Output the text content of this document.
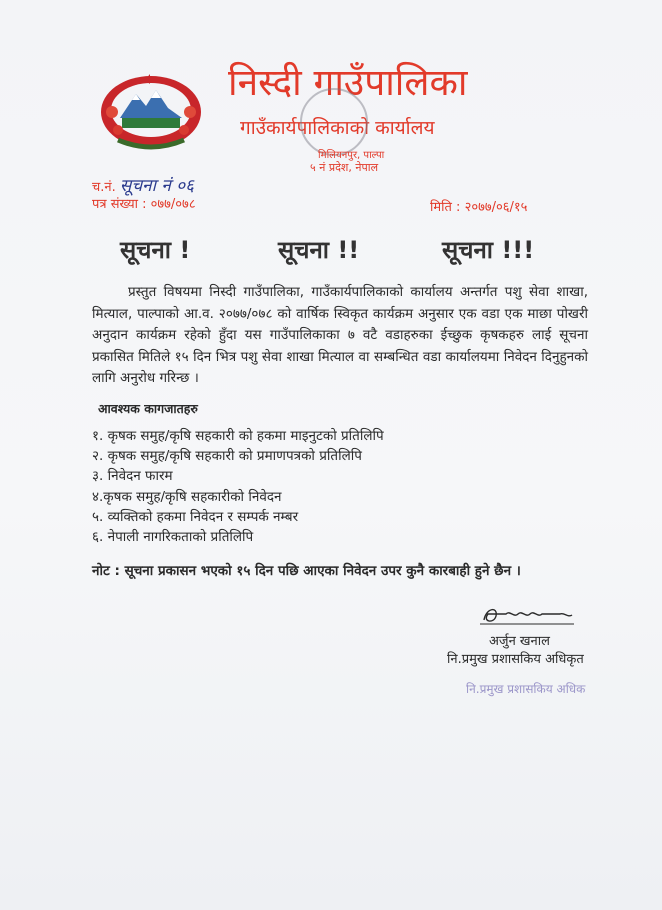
निस्दी गाउँपालिका
गाउँकार्यपालिकाको कार्यालय
मिलियनपुर, पाल्पा
५ नं प्रदेश, नेपाल
च.नं. सूचना नं ०६
पत्र संख्या : ०७७/०७८	मिति : २०७७/०६/१५
सूचना !	सूचना !!	सूचना !!!
प्रस्तुत विषयमा निस्दी गाउँपालिका, गाउँकार्यपालिकाको कार्यालय अन्तर्गत पशु सेवा शाखा, मित्याल, पाल्पाको आ.व. २०७७/०७८ को वार्षिक स्विकृत कार्यक्रम अनुसार एक वडा एक माछा पोखरी अनुदान कार्यक्रम रहेको हुँदा यस गाउँपालिकाका ७ वटै वडाहरुका ईच्छुक कृषकहरु लाई सूचना प्रकासित मितिले १५ दिन भित्र पशु सेवा शाखा मित्याल वा सम्बन्धित वडा कार्यालयमा निवेदन दिनुहुनको लागि अनुरोध गरिन्छ ।
आवश्यक कागजातहरु
१. कृषक समुह/कृषि सहकारी को हकमा माइनुटको प्रतिलिपि
२. कृषक समुह/कृषि सहकारी को प्रमाणपत्रको प्रतिलिपि
३. निवेदन फारम
४.कृषक समुह/कृषि सहकारीको निवेदन
५. व्यक्तिको हकमा निवेदन र सम्पर्क नम्बर
६. नेपाली नागरिकताको प्रतिलिपि
नोट : सूचना प्रकासन भएको १५ दिन पछि आएका निवेदन उपर कुनै कारबाही हुने छैन ।
अर्जुन खनाल
नि.प्रमुख प्रशासकिय अधिकृत
नि.प्रमुख प्रशासकिय अधिक
